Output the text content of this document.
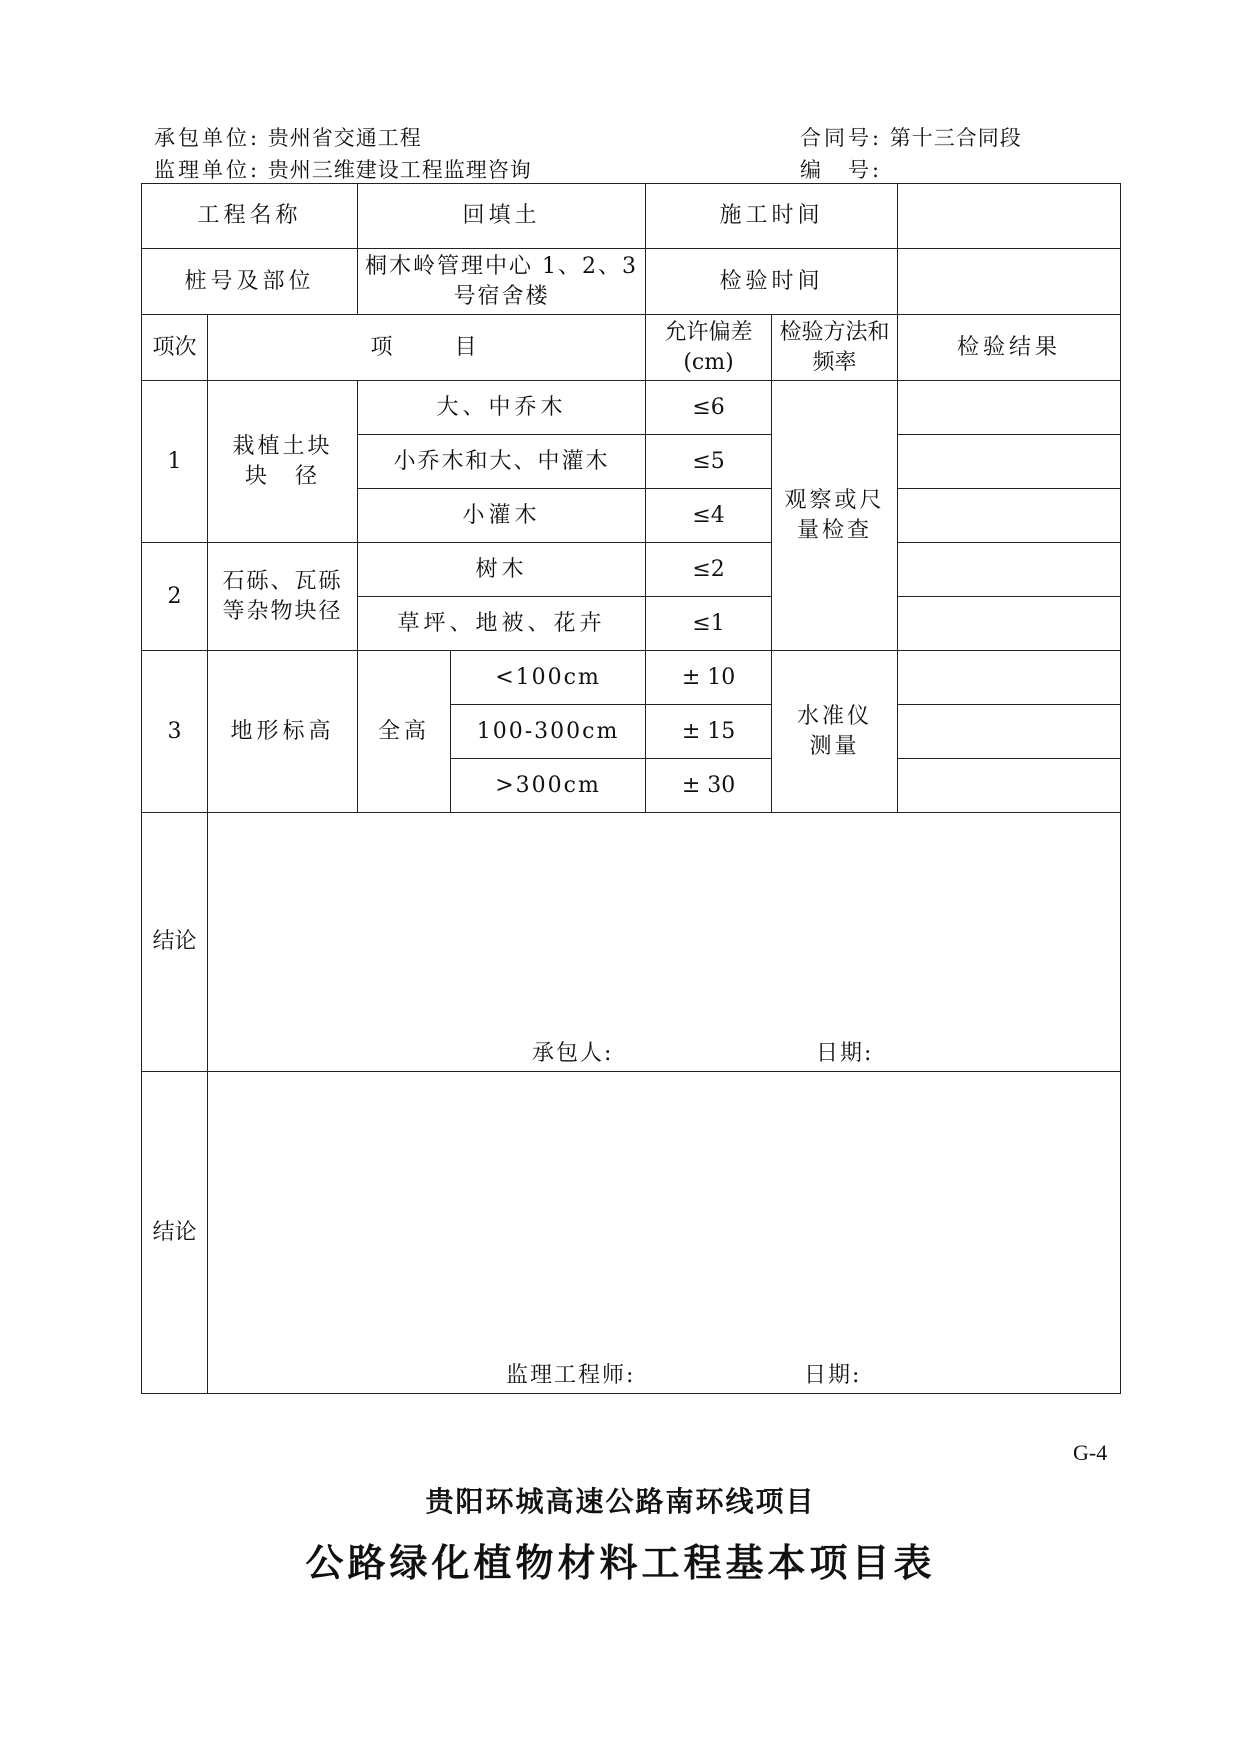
承包单位: 贵州省交通工程
监理单位: 贵州三维建设工程监理咨询
合同号: 第十三合同段
编　号:
工程名称		回填土		施工时间		
桩号及部位		桐木岭管理中心 1、2、3 号宿舍楼		检验时间		
项次	项　　目			允许偏差(cm)	检验方法和频率	检验结果
1	栽植土块块　径	大、中乔木		≤6	观察或尺量检查	
		小乔木和大、中灌木		≤5		
		小灌木		≤4		
2	石砾、瓦砾等杂物块径	树木		≤2		
		草坪、地被、花卉		≤1		
3	地形标高	全高	<100cm	± 10	水准仪测量	
			100-300cm	± 15		
			>300cm	± 30		
结论	承包人: 日期:					

结论	监理工程师: 日期:					
G-4
贵阳环城高速公路南环线项目
公路绿化植物材料工程基本项目表
